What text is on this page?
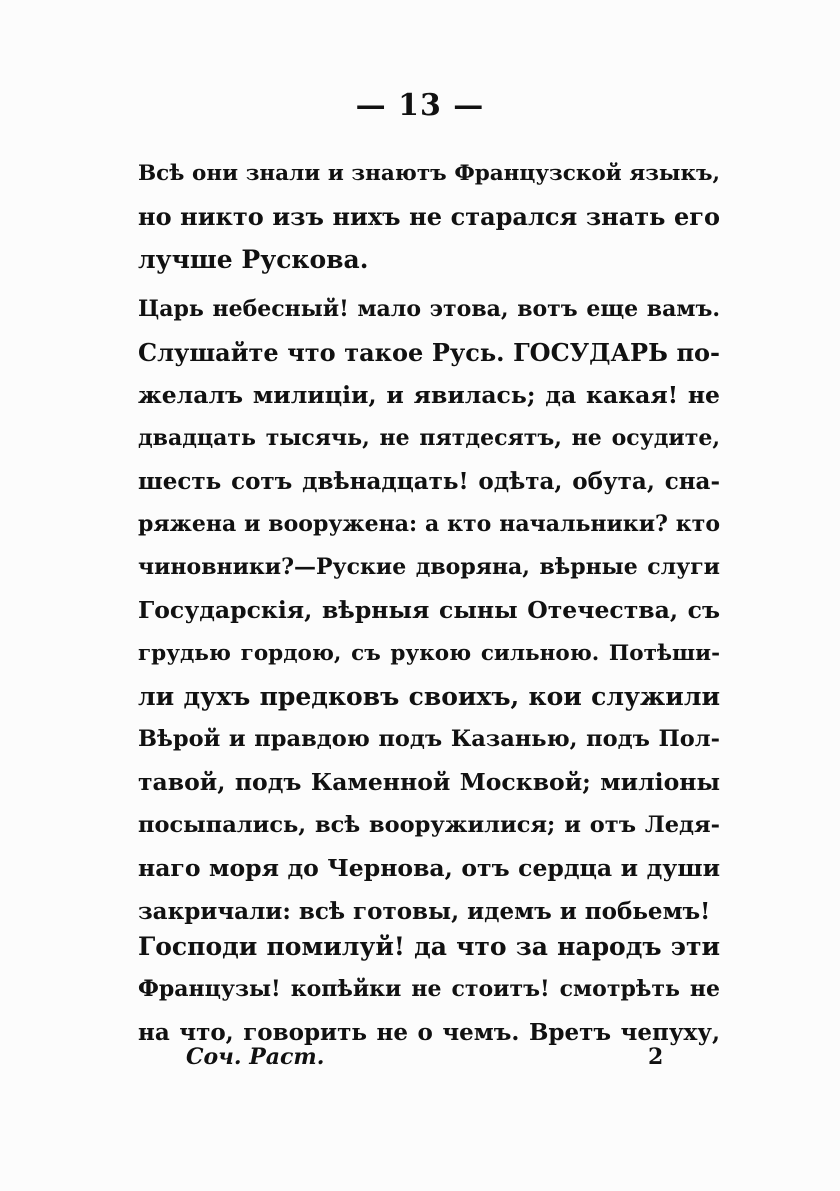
— 13 —
Всѣ они знали и знаютъ Французской языкъ,
но никто изъ нихъ не старался знать его
лучше Рускова.
Царь небесный! мало этова, вотъ еще вамъ.
Слушайте что такое Русь. ГОСУДАРЬ по-
желалъ милиціи, и явилась; да какая! не
двадцать тысячь, не пятдесятъ, не осудите,
шесть сотъ двѣнадцать! одѣта, обута, сна-
ряжена и вооружена: а кто начальники? кто
чиновники?—Руские дворяна, вѣрные слуги
Государскія, вѣрныя сыны Отечества, съ
грудью гордою, съ рукою сильною. Потѣши-
ли духъ предковъ своихъ, кои служили
Вѣрой и правдою подъ Казанью, подъ Пол-
тавой, подъ Каменной Москвой; миліоны
посыпались, всѣ вооружилися; и отъ Ледя-
наго моря до Чернова, отъ сердца и души
закричали: всѣ готовы, идемъ и побьемъ!
Господи помилуй! да что за народъ эти
Французы! копѣйки не стоитъ! смотрѣть не
на что, говорить не о чемъ. Вретъ чепуху,
Соч. Раст.	2
